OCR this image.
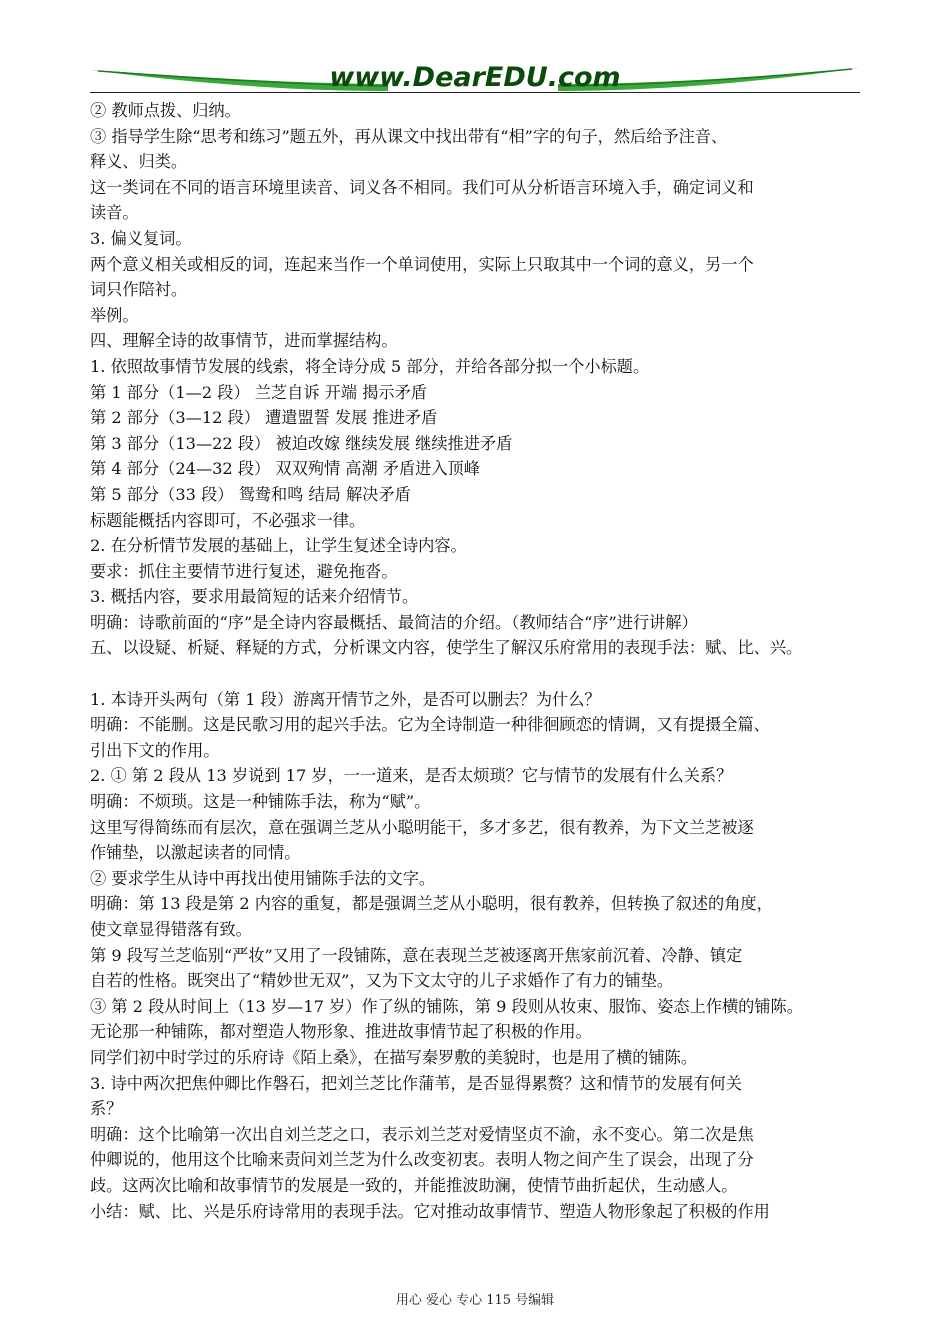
www.DearEDU.com
② 教师点拨、归纳。
③ 指导学生除“思考和练习”题五外，再从课文中找出带有“相”字的句子，然后给予注音、
释义、归类。
这一类词在不同的语言环境里读音、词义各不相同。我们可从分析语言环境入手，确定词义和
读音。
3. 偏义复词。
两个意义相关或相反的词，连起来当作一个单词使用，实际上只取其中一个词的意义，另一个
词只作陪衬。
举例。
四、理解全诗的故事情节，进而掌握结构。
1. 依照故事情节发展的线索，将全诗分成 5 部分，并给各部分拟一个小标题。
第 1 部分（1—2 段） 兰芝自诉 开端 揭示矛盾
第 2 部分（3—12 段） 遭遣盟誓 发展 推进矛盾
第 3 部分（13—22 段） 被迫改嫁 继续发展 继续推进矛盾
第 4 部分（24—32 段） 双双殉情 高潮 矛盾进入顶峰
第 5 部分（33 段） 鸳鸯和鸣 结局 解决矛盾
标题能概括内容即可，不必强求一律。
2. 在分析情节发展的基础上，让学生复述全诗内容。
要求：抓住主要情节进行复述，避免拖沓。
3. 概括内容，要求用最简短的话来介绍情节。
明确：诗歌前面的“序”是全诗内容最概括、最简洁的介绍。（教师结合“序”进行讲解）
五、以设疑、析疑、释疑的方式，分析课文内容，使学生了解汉乐府常用的表现手法：赋、比、兴。
1. 本诗开头两句（第 1 段）游离开情节之外，是否可以删去？为什么？
明确：不能删。这是民歌习用的起兴手法。它为全诗制造一种徘徊顾恋的情调，又有提摄全篇、
引出下文的作用。
2. ① 第 2 段从 13 岁说到 17 岁，一一道来，是否太烦琐？它与情节的发展有什么关系？
明确：不烦琐。这是一种铺陈手法，称为“赋”。
这里写得简练而有层次，意在强调兰芝从小聪明能干，多才多艺，很有教养，为下文兰芝被逐
作铺垫，以激起读者的同情。
② 要求学生从诗中再找出使用铺陈手法的文字。
明确：第 13 段是第 2 内容的重复，都是强调兰芝从小聪明，很有教养，但转换了叙述的角度，
使文章显得错落有致。
第 9 段写兰芝临别“严妆”又用了一段铺陈，意在表现兰芝被逐离开焦家前沉着、冷静、镇定
自若的性格。既突出了“精妙世无双”，又为下文太守的儿子求婚作了有力的铺垫。
③ 第 2 段从时间上（13 岁—17 岁）作了纵的铺陈，第 9 段则从妆束、服饰、姿态上作横的铺陈。
无论那一种铺陈，都对塑造人物形象、推进故事情节起了积极的作用。
同学们初中时学过的乐府诗《陌上桑》，在描写秦罗敷的美貌时，也是用了横的铺陈。
3. 诗中两次把焦仲卿比作磐石，把刘兰芝比作蒲苇，是否显得累赘？这和情节的发展有何关
系？
明确：这个比喻第一次出自刘兰芝之口，表示刘兰芝对爱情坚贞不渝，永不变心。第二次是焦
仲卿说的，他用这个比喻来责问刘兰芝为什么改变初衷。表明人物之间产生了误会，出现了分
歧。这两次比喻和故事情节的发展是一致的，并能推波助澜，使情节曲折起伏，生动感人。
小结：赋、比、兴是乐府诗常用的表现手法。它对推动故事情节、塑造人物形象起了积极的作用
用心 爱心 专心 115 号编辑
